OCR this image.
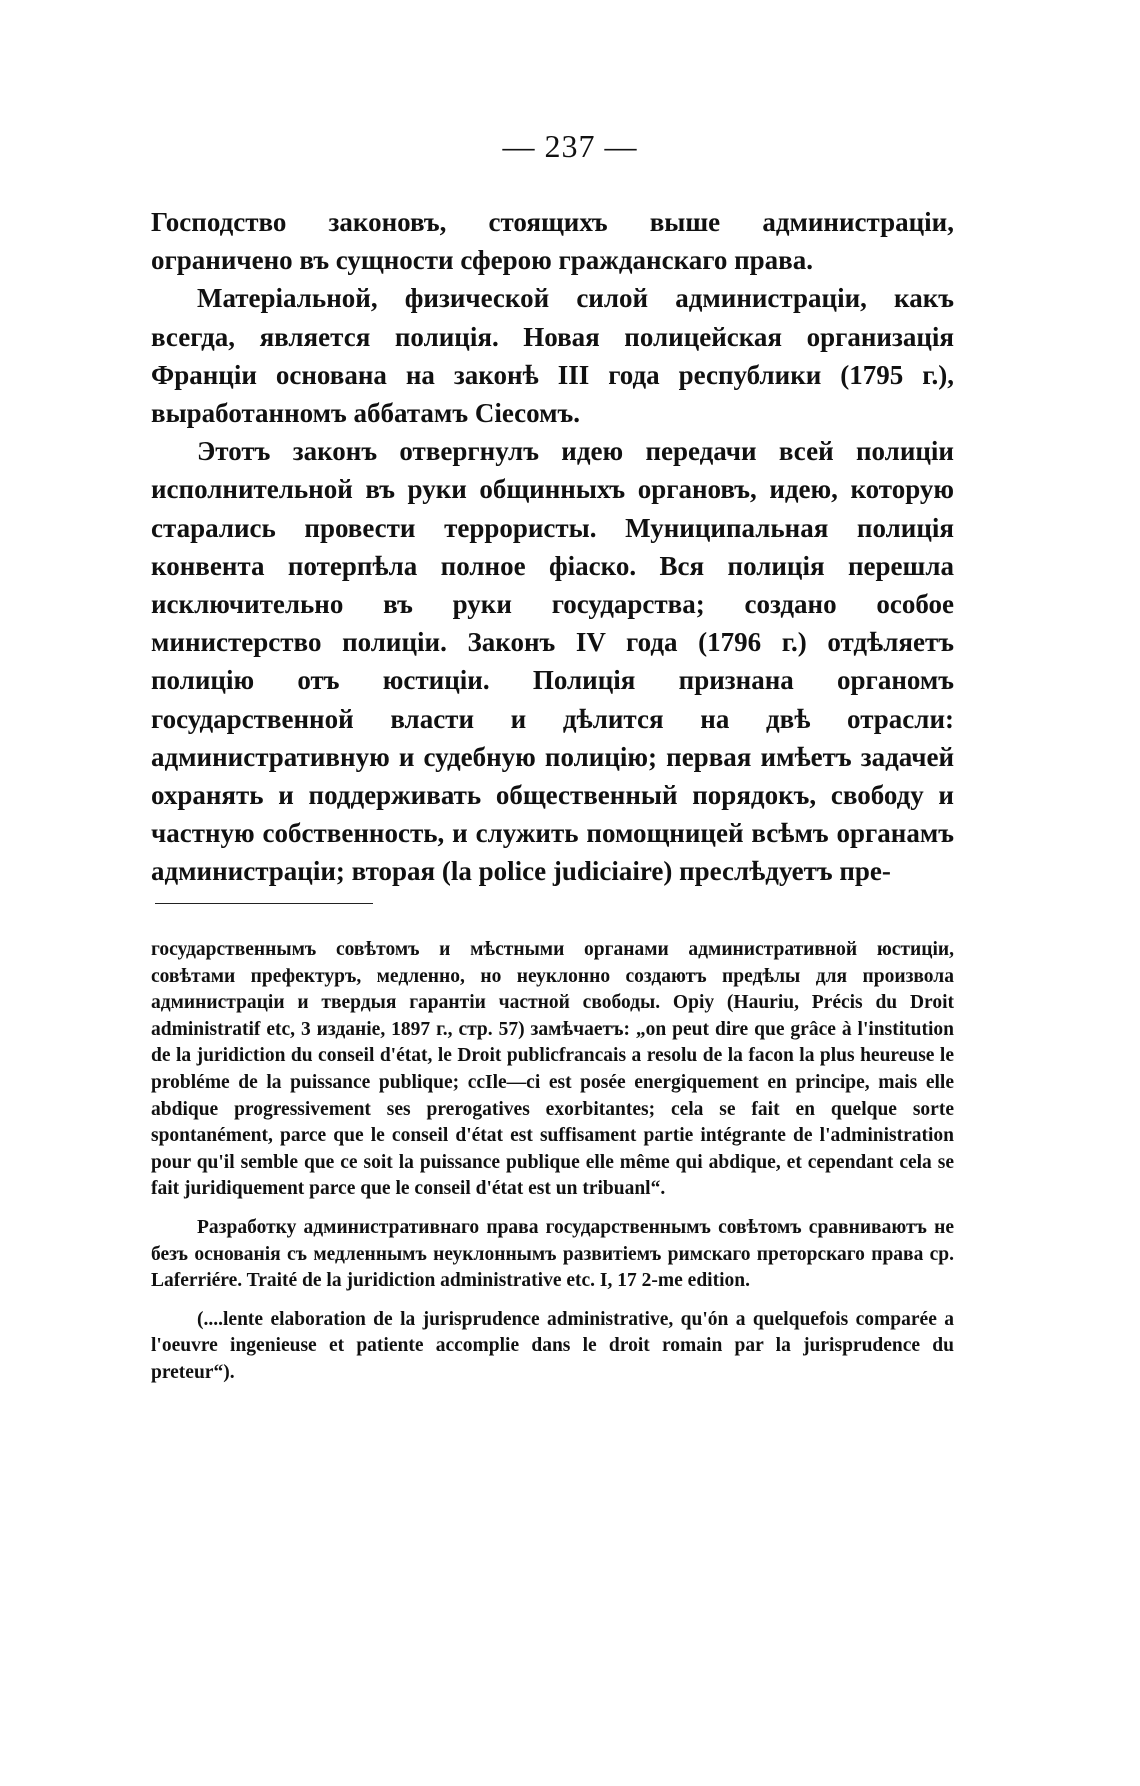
— 237 —

Господство законовъ, стоящихъ выше администраціи, ограничено въ сущности сферою гражданскаго права.

Матеріальной, физической силой администраціи, какъ всегда, является полиція. Новая полицейская организація Франціи основана на законѣ III года республики (1795 г.), выработанномъ аббатамъ Сіесомъ.

Этотъ законъ отвергнулъ идею передачи всей полиціи исполнительной въ руки общинныхъ органовъ, идею, которую старались провести террористы. Муниципальная полиція конвента потерпѣла полное фіаско. Вся полиція перешла исключительно въ руки государства; создано особое министерство полиціи. Законъ IV года (1796 г.) отдѣляетъ полицію отъ юстиціи. Полиція признана органомъ государственной власти и дѣлится на двѣ отрасли: административную и судебную полицію; первая имѣетъ задачей охранять и поддерживать общественный порядокъ, свободу и частную собственность, и служить помощницей всѣмъ органамъ администраціи; вторая (la police judiciaire) преслѣдуетъ пре-

государственнымъ совѣтомъ и мѣстными органами административной юстиціи, совѣтами префектуръ, медленно, но неуклонно создаютъ предѣлы для произвола администраціи и твердыя гарантіи частной свободы. Оріу (Hauriu, Précis du Droit administratif etc, 3 изданіе, 1897 г., стр. 57) замѣчаетъ: „on peut dire que grâce à l'institution de la juridiction du conseil d'état, le Droit publicfrancais a resolu de la facon la plus heureuse le probléme de la puissance publique; ccIle—ci est posée energiquement en principe, mais elle abdique progressivement ses prerogatives exorbitantes; cela se fait en quelque sorte spontanément, parce que le conseil d'état est suffisament partie intégrante de l'administration pour qu'il semble que ce soit la puissance publique elle même qui abdique, et cependant cela se fait juridiquement parce que le conseil d'état est un tribuanl“.

Разработку административнаго права государственнымъ совѣтомъ сравниваютъ не безъ основанія съ медленнымъ неуклоннымъ развитіемъ римскаго преторскаго права ср. Laferriére. Traité de la juridiction administrative etc. I, 17 2-me edition.

(....lente elaboration de la jurisprudence administrative, qu'ón a quelquefois comparée a l'oeuvre ingenieuse et patiente accomplie dans le droit romain par la jurisprudence du preteur“).
